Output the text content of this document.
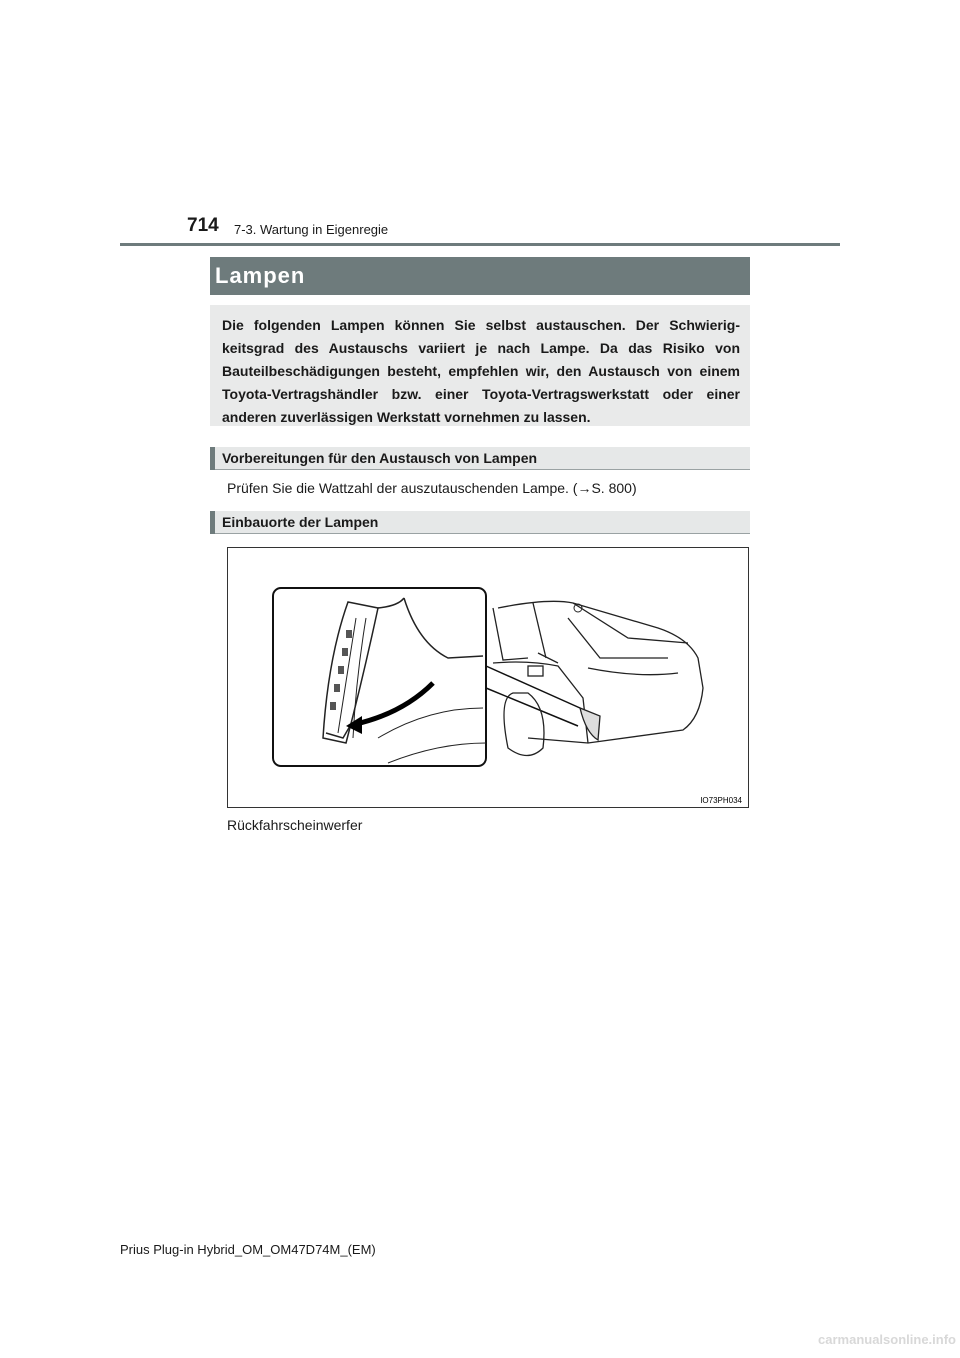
714 7-3. Wartung in Eigenregie
Lampen
Die folgenden Lampen können Sie selbst austauschen. Der Schwierig-keitsgrad des Austauschs variiert je nach Lampe. Da das Risiko von Bauteilbeschädigungen besteht, empfehlen wir, den Austausch von einem Toyota-Vertragshändler bzw. einer Toyota-Vertragswerkstatt oder einer anderen zuverlässigen Werkstatt vornehmen zu lassen.
Vorbereitungen für den Austausch von Lampen
Prüfen Sie die Wattzahl der auszutauschenden Lampe. (→S. 800)
Einbauorte der Lampen
IO73PH034
Rückfahrscheinwerfer
Prius Plug-in Hybrid_OM_OM47D74M_(EM)
carmanualsonline.info
